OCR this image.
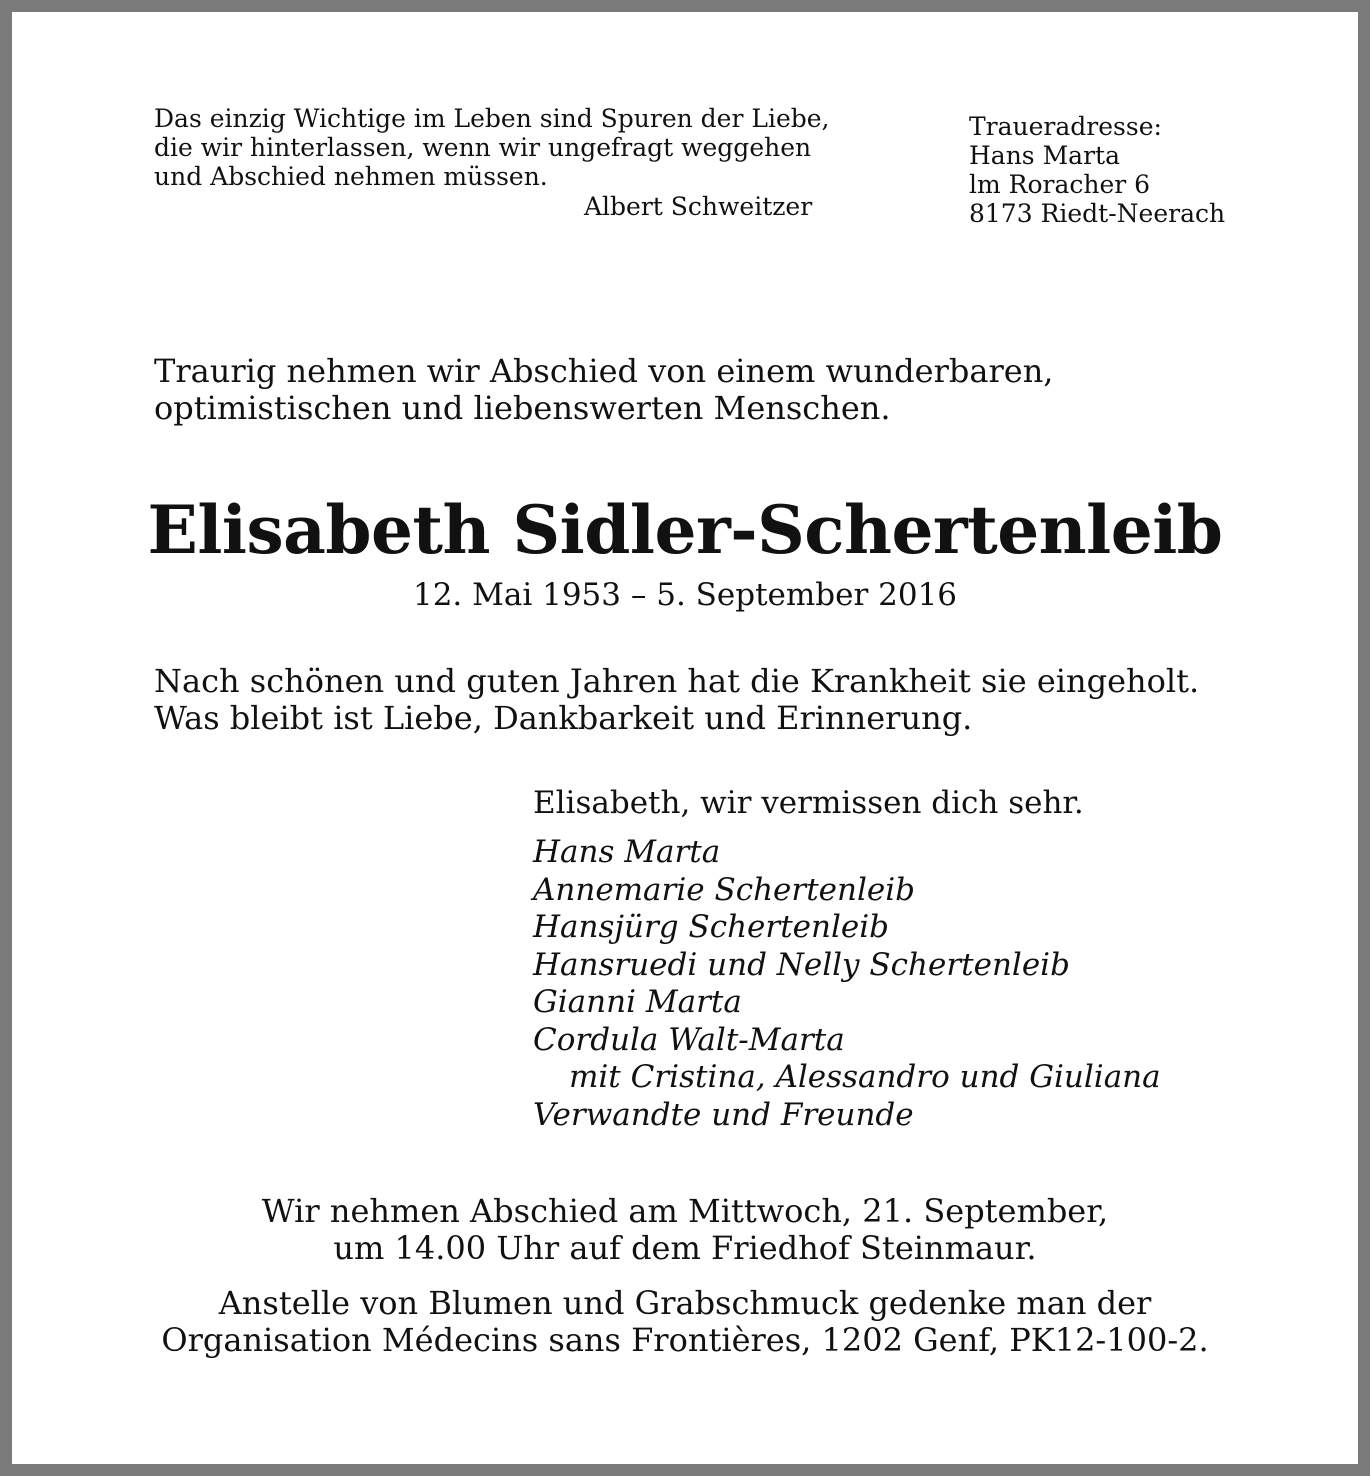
Das einzig Wichtige im Leben sind Spuren der Liebe,
die wir hinterlassen, wenn wir ungefragt weggehen
und Abschied nehmen müssen.
Albert Schweitzer
Traueradresse:
Hans Marta
lm Roracher 6
8173 Riedt-Neerach
Traurig nehmen wir Abschied von einem wunderbaren,
optimistischen und liebenswerten Menschen.
Elisabeth Sidler-Schertenleib
12. Mai 1953 – 5. September 2016
Nach schönen und guten Jahren hat die Krankheit sie eingeholt.
Was bleibt ist Liebe, Dankbarkeit und Erinnerung.
Elisabeth, wir vermissen dich sehr.
Hans Marta
Annemarie Schertenleib
Hansjürg Schertenleib
Hansruedi und Nelly Schertenleib
Gianni Marta
Cordula Walt-Marta
mit Cristina, Alessandro und Giuliana
Verwandte und Freunde
Wir nehmen Abschied am Mittwoch, 21. September,
um 14.00 Uhr auf dem Friedhof Steinmaur.
Anstelle von Blumen und Grabschmuck gedenke man der
Organisation Médecins sans Frontières, 1202 Genf, PK12-100-2.
